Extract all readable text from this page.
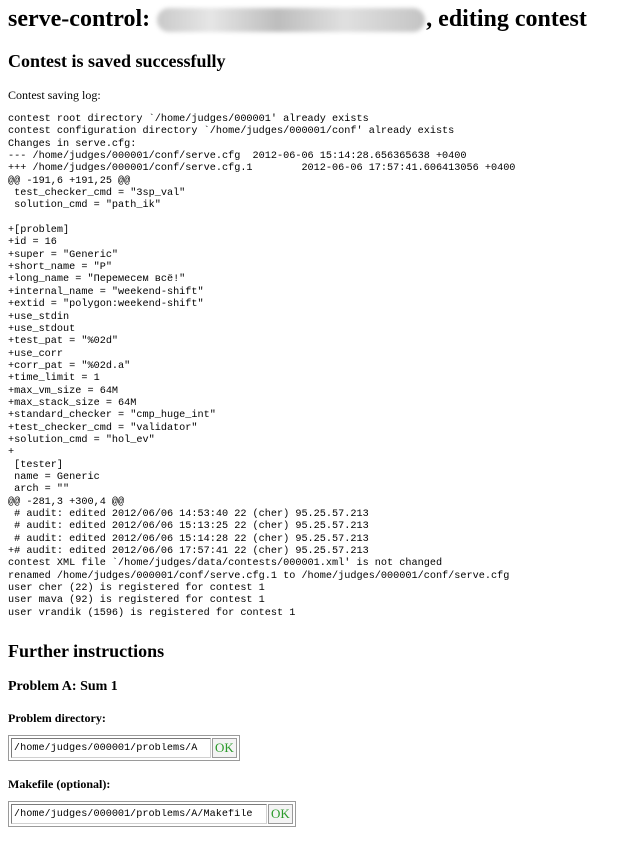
serve-control:	, editing contest
Contest is saved successfully

Contest saving log:

contest root directory `/home/judges/000001' already exists
contest configuration directory `/home/judges/000001/conf' already exists
Changes in serve.cfg:
--- /home/judges/000001/conf/serve.cfg  2012-06-06 15:14:28.656365638 +0400
+++ /home/judges/000001/conf/serve.cfg.1        2012-06-06 17:57:41.606413056 +0400
@@ -191,6 +191,25 @@
test_checker_cmd = "3sp_val"
solution_cmd = "path_ik"

+[problem]
+id = 16
+super = "Generic"
+short_name = "P"
+long_name = "Перемесем всё!"
+internal_name = "weekend-shift"
+extid = "polygon:weekend-shift"
+use_stdin
+use_stdout
+test_pat = "%02d"
+use_corr
+corr_pat = "%02d.a"
+time_limit = 1
+max_vm_size = 64M
+max_stack_size = 64M
+standard_checker = "cmp_huge_int"
+test_checker_cmd = "validator"
+solution_cmd = "hol_ev"
+
[tester]
name = Generic
arch = ""
@@ -281,3 +300,4 @@
# audit: edited 2012/06/06 14:53:40 22 (cher) 95.25.57.213
# audit: edited 2012/06/06 15:13:25 22 (cher) 95.25.57.213
# audit: edited 2012/06/06 15:14:28 22 (cher) 95.25.57.213
+# audit: edited 2012/06/06 17:57:41 22 (cher) 95.25.57.213
contest XML file `/home/judges/data/contests/000001.xml' is not changed
renamed /home/judges/000001/conf/serve.cfg.1 to /home/judges/000001/conf/serve.cfg
user cher (22) is registered for contest 1
user mava (92) is registered for contest 1
user vrandik (1596) is registered for contest 1

Further instructions
Problem A: Sum 1
Problem directory:
/home/judges/000001/problems/A
OK
Makefile (optional):
/home/judges/000001/problems/A/Makefile
OK
